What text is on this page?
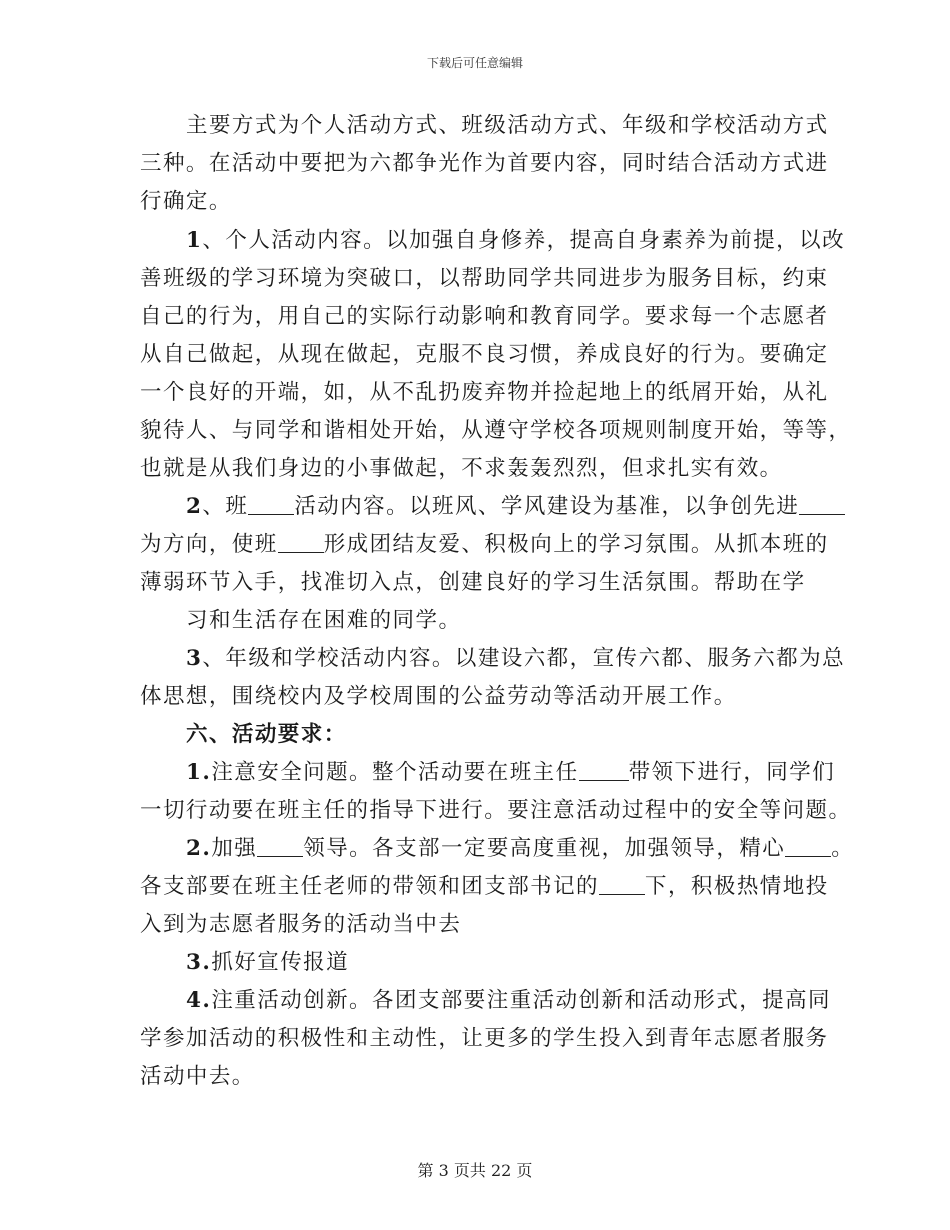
下载后可任意编辑
主要方式为个人活动方式、班级活动方式、年级和学校活动方式
三种。在活动中要把为六都争光作为首要内容，同时结合活动方式进
行确定。
1、个人活动内容。以加强自身修养，提高自身素养为前提，以改
善班级的学习环境为突破口，以帮助同学共同进步为服务目标，约束
自己的行为，用自己的实际行动影响和教育同学。要求每一个志愿者
从自己做起，从现在做起，克服不良习惯，养成良好的行为。要确定
一个良好的开端，如，从不乱扔废弃物并捡起地上的纸屑开始，从礼
貌待人、与同学和谐相处开始，从遵守学校各项规则制度开始，等等，
也就是从我们身边的小事做起，不求轰轰烈烈，但求扎实有效。
2、班 活动内容。以班风、学风建设为基准，以争创先进
为方向，使班 形成团结友爱、积极向上的学习氛围。从抓本班的
薄弱环节入手，找准切入点，创建良好的学习生活氛围。帮助在学
习和生活存在困难的同学。
3、年级和学校活动内容。以建设六都，宣传六都、服务六都为总
体思想，围绕校内及学校周围的公益劳动等活动开展工作。
六、活动要求：
1.注意安全问题。整个活动要在班主任 带领下进行，同学们
一切行动要在班主任的指导下进行。要注意活动过程中的安全等问题。
2.加强 领导。各支部一定要高度重视，加强领导，精心 。
各支部要在班主任老师的带领和团支部书记的 下，积极热情地投
入到为志愿者服务的活动当中去
3.抓好宣传报道
4.注重活动创新。各团支部要注重活动创新和活动形式，提高同
学参加活动的积极性和主动性，让更多的学生投入到青年志愿者服务
活动中去。
第 3 页共 22 页
